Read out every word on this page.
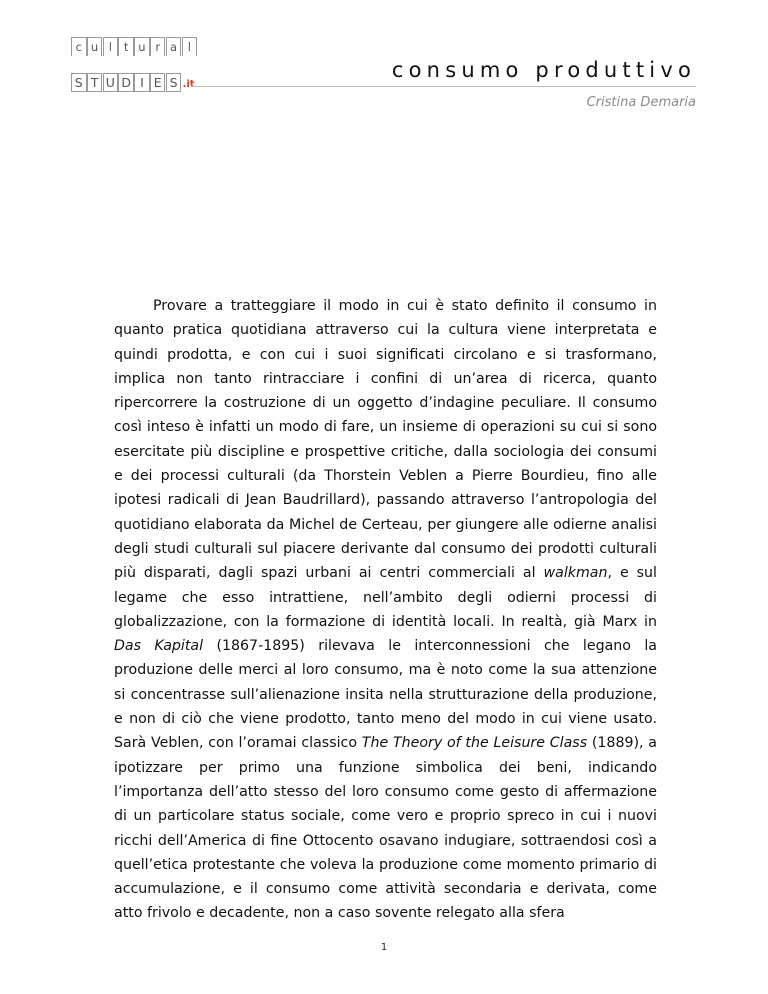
c u l	t u r a l
S T U D I E S .it
consumo produttivo
Cristina Demaria

Provare a tratteggiare il modo in cui è stato definito il consumo in quanto pratica quotidiana attraverso cui la cultura viene interpretata e quindi prodotta, e con cui i suoi significati circolano e si trasformano, implica non tanto rintracciare i confini di un’area di ricerca, quanto ripercorrere la costruzione di un oggetto d’indagine peculiare. Il consumo così inteso è infatti un modo di fare, un insieme di operazioni su cui si sono esercitate più discipline e prospettive critiche, dalla sociologia dei consumi e dei processi culturali (da Thorstein Veblen a Pierre Bourdieu, fino alle ipotesi radicali di Jean Baudrillard), passando attraverso l’antropologia del quotidiano elaborata da Michel de Certeau, per giungere alle odierne analisi degli studi culturali sul piacere derivante dal consumo dei prodotti culturali più disparati, dagli spazi urbani ai centri commerciali al walkman, e sul legame che esso intrattiene, nell’ambito degli odierni processi di globalizzazione, con la formazione di identità locali. In realtà, già Marx in Das Kapital (1867-1895) rilevava le interconnessioni che legano la produzione delle merci al loro consumo, ma è noto come la sua attenzione si concentrasse sull’alienazione insita nella strutturazione della produzione, e non di ciò che viene prodotto, tanto meno del modo in cui viene usato. Sarà Veblen, con l’oramai classico The Theory of the Leisure Class (1889), a ipotizzare per primo una funzione simbolica dei beni, indicando l’importanza dell’atto stesso del loro consumo come gesto di affermazione di un particolare status sociale, come vero e proprio spreco in cui i nuovi ricchi dell’America di fine Ottocento osavano indugiare, sottraendosi così a quell’etica protestante che voleva la produzione come momento primario di accumulazione, e il consumo come attività secondaria e derivata, come atto frivolo e decadente, non a caso sovente relegato alla sfera

1
